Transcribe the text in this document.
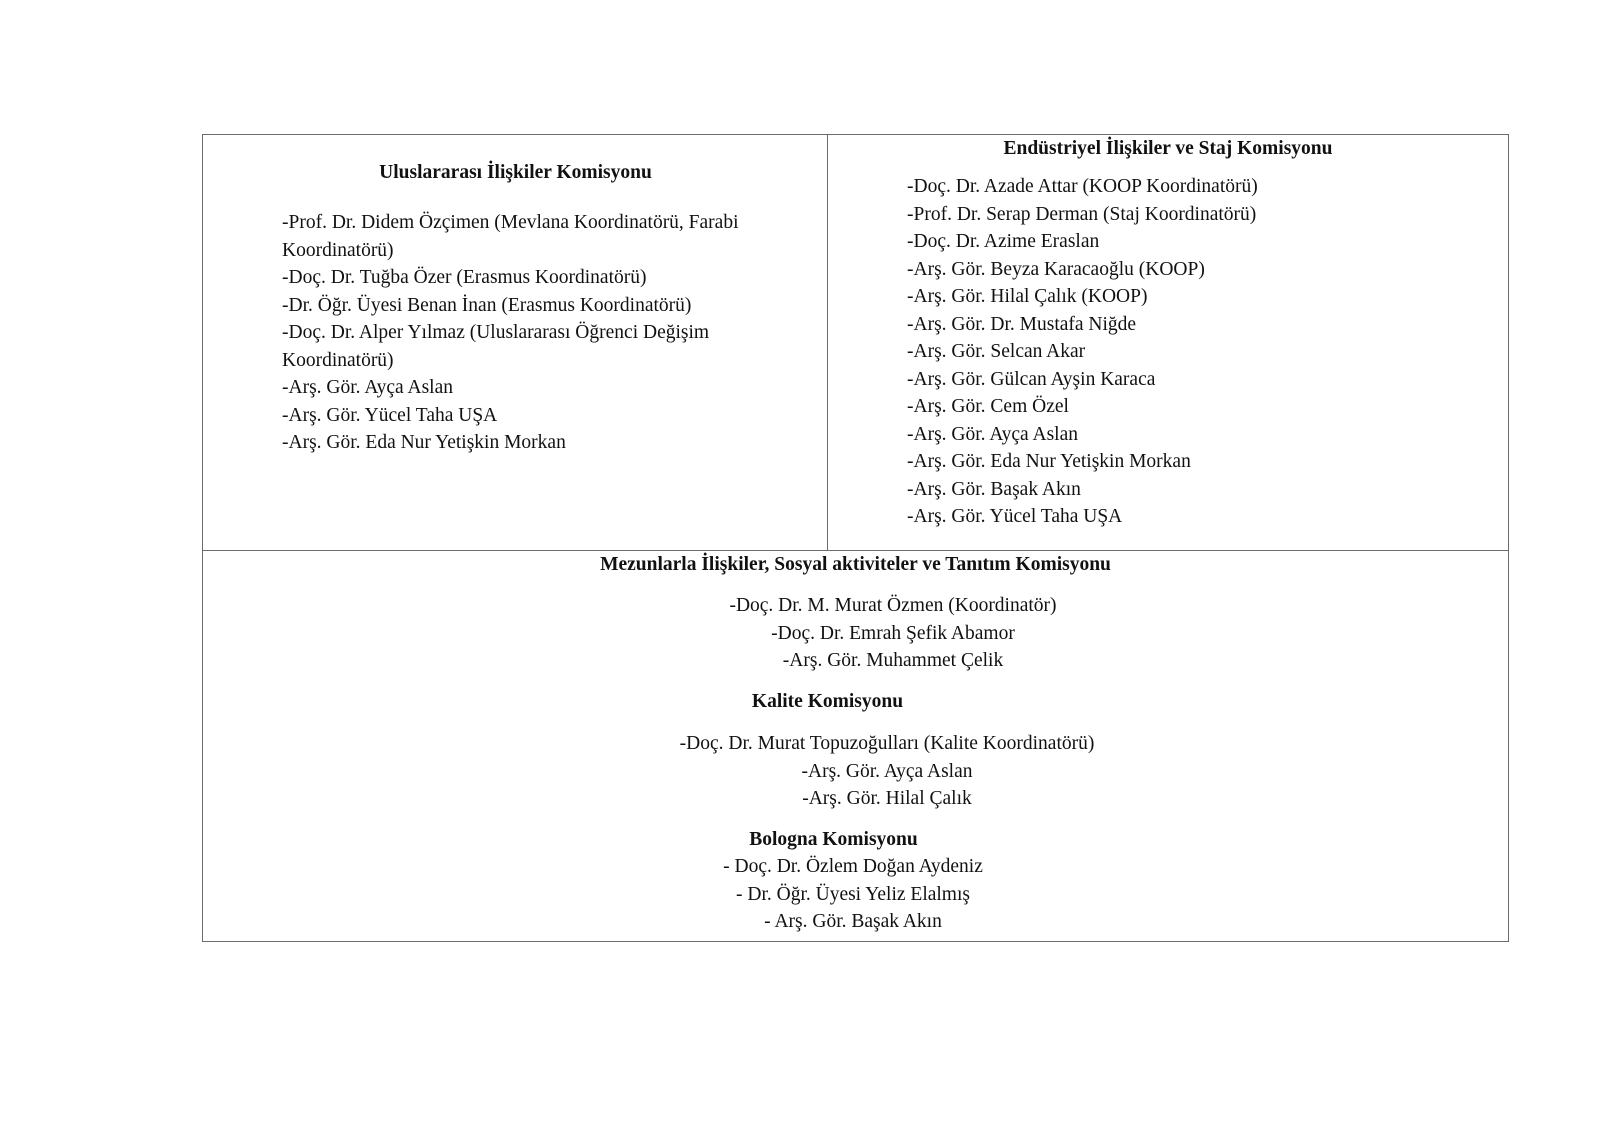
Uluslararası İlişkiler Komisyonu
-Prof. Dr. Didem Özçimen (Mevlana Koordinatörü, Farabi Koordinatörü)
-Doç. Dr. Tuğba Özer (Erasmus Koordinatörü)
-Dr. Öğr. Üyesi Benan İnan (Erasmus Koordinatörü)
-Doç. Dr. Alper Yılmaz (Uluslararası Öğrenci Değişim Koordinatörü)
-Arş. Gör. Ayça Aslan
-Arş. Gör. Yücel Taha UŞA
-Arş. Gör. Eda Nur Yetişkin Morkan
Endüstriyel İlişkiler ve Staj Komisyonu
-Doç. Dr. Azade Attar (KOOP Koordinatörü)
-Prof. Dr. Serap Derman (Staj Koordinatörü)
-Doç. Dr. Azime Eraslan
-Arş. Gör. Beyza Karacaoğlu (KOOP)
-Arş. Gör. Hilal Çalık (KOOP)
-Arş. Gör. Dr. Mustafa Niğde
-Arş. Gör. Selcan Akar
-Arş. Gör. Gülcan Ayşin Karaca
-Arş. Gör. Cem Özel
-Arş. Gör. Ayça Aslan
-Arş. Gör. Eda Nur Yetişkin Morkan
-Arş. Gör. Başak Akın
-Arş. Gör. Yücel Taha UŞA
Mezunlarla İlişkiler, Sosyal aktiviteler ve Tanıtım Komisyonu
-Doç. Dr. M. Murat Özmen (Koordinatör)
-Doç. Dr. Emrah Şefik Abamor
-Arş. Gör. Muhammet Çelik
Kalite Komisyonu
-Doç. Dr. Murat Topuzoğulları (Kalite Koordinatörü)
-Arş. Gör. Ayça Aslan
-Arş. Gör. Hilal Çalık
Bologna Komisyonu
- Doç. Dr. Özlem Doğan Aydeniz
- Dr. Öğr. Üyesi Yeliz Elalmış
- Arş. Gör. Başak Akın
